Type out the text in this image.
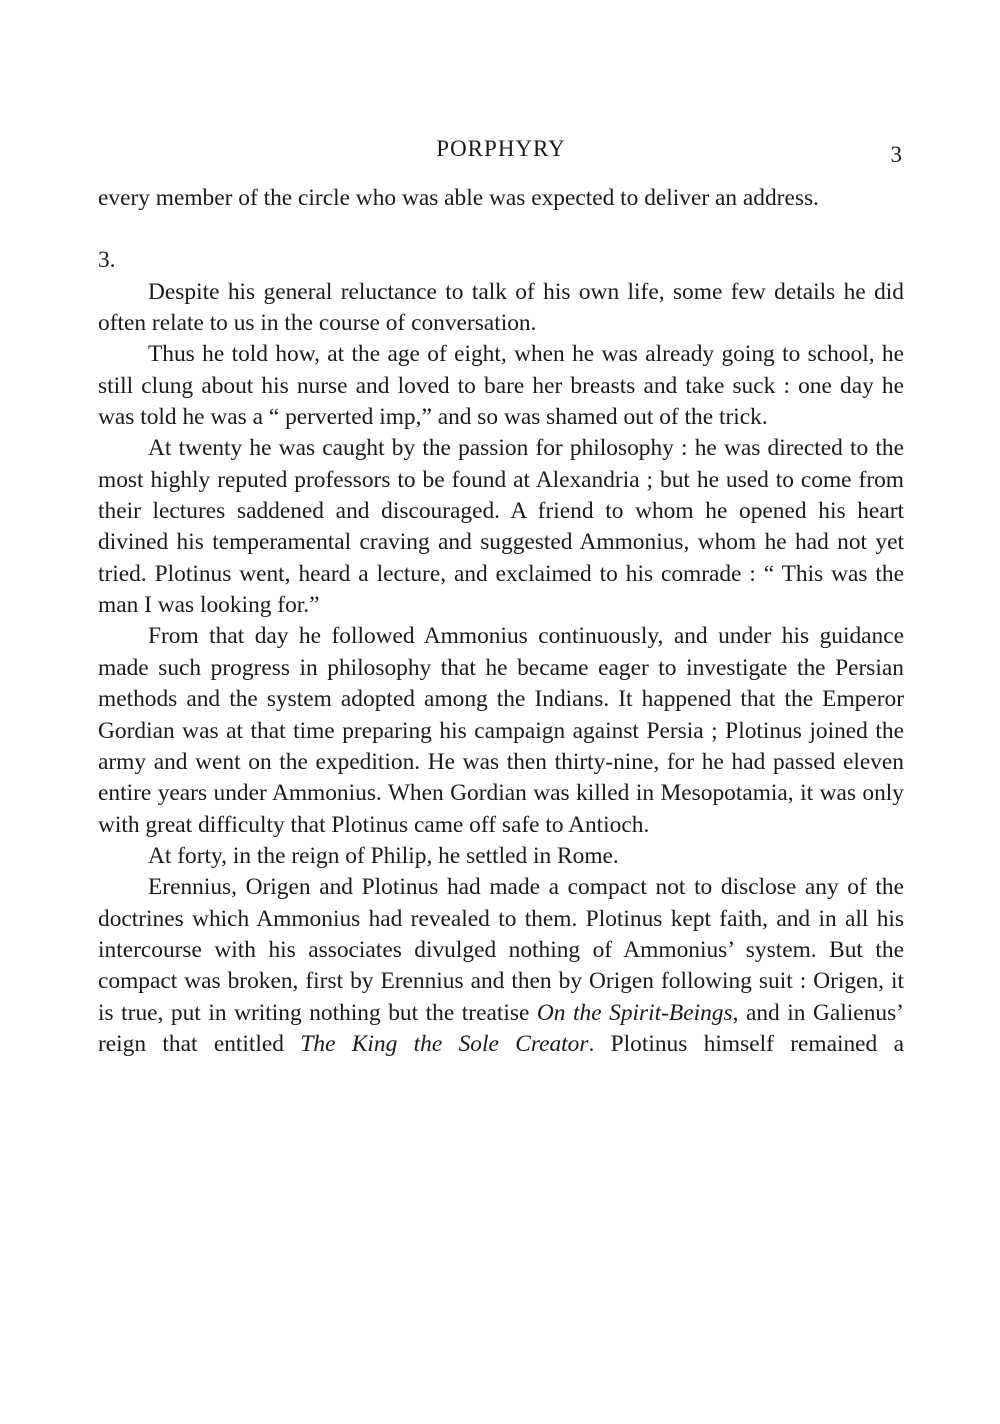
PORPHYRY	3

every member of the circle who was able was expected to deliver an address.

3.

Despite his general reluctance to talk of his own life, some few details he did often relate to us in the course of conversation.

Thus he told how, at the age of eight, when he was already going to school, he still clung about his nurse and loved to bare her breasts and take suck : one day he was told he was a “ perverted imp,” and so was shamed out of the trick.

At twenty he was caught by the passion for philosophy : he was directed to the most highly reputed professors to be found at Alexandria ; but he used to come from their lectures saddened and discouraged. A friend to whom he opened his heart divined his temperamental craving and suggested Ammonius, whom he had not yet tried. Plotinus went, heard a lecture, and exclaimed to his comrade : “ This was the man I was looking for.”

From that day he followed Ammonius continuously, and under his guidance made such progress in philosophy that he became eager to investigate the Persian methods and the system adopted among the Indians. It happened that the Emperor Gordian was at that time preparing his campaign against Persia ; Plotinus joined the army and went on the expedition. He was then thirty-nine, for he had passed eleven entire years under Ammonius. When Gordian was killed in Mesopotamia, it was only with great difficulty that Plotinus came off safe to Antioch.

At forty, in the reign of Philip, he settled in Rome.

Erennius, Origen and Plotinus had made a compact not to disclose any of the doctrines which Ammonius had revealed to them. Plotinus kept faith, and in all his intercourse with his associates divulged nothing of Ammonius’ system. But the compact was broken, first by Erennius and then by Origen following suit : Origen, it is true, put in writing nothing but the treatise On the Spirit-Beings, and in Galienus’ reign that entitled The King the Sole Creator. Plotinus himself remained a
